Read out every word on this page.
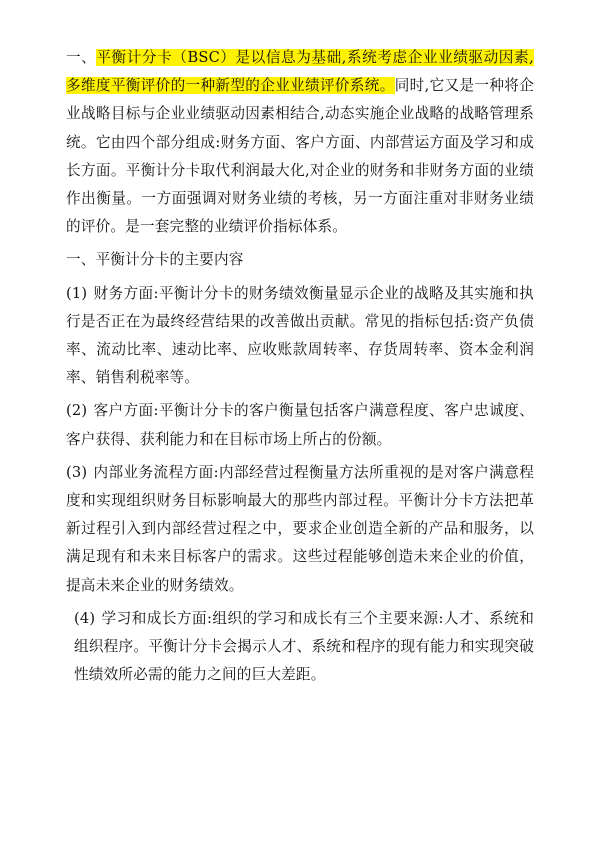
一、平衡计分卡（BSC）是以信息为基础,系统考虑企业业绩驱动因素,多维度平衡评价的一种新型的企业业绩评价系统。同时,它又是一种将企业战略目标与企业业绩驱动因素相结合,动态实施企业战略的战略管理系统。它由四个部分组成:财务方面、客户方面、内部营运方面及学习和成长方面。平衡计分卡取代利润最大化,对企业的财务和非财务方面的业绩作出衡量。一方面强调对财务业绩的考核，另一方面注重对非财务业绩的评价。是一套完整的业绩评价指标体系。

一、平衡计分卡的主要内容

(1) 财务方面:平衡计分卡的财务绩效衡量显示企业的战略及其实施和执行是否正在为最终经营结果的改善做出贡献。常见的指标包括:资产负债率、流动比率、速动比率、应收账款周转率、存货周转率、资本金利润率、销售利税率等。

(2) 客户方面:平衡计分卡的客户衡量包括客户满意程度、客户忠诚度、客户获得、获利能力和在目标市场上所占的份额。

(3) 内部业务流程方面:内部经营过程衡量方法所重视的是对客户满意程度和实现组织财务目标影响最大的那些内部过程。平衡计分卡方法把革新过程引入到内部经营过程之中，要求企业创造全新的产品和服务，以满足现有和未来目标客户的需求。这些过程能够创造未来企业的价值，提高未来企业的财务绩效。

(4) 学习和成长方面:组织的学习和成长有三个主要来源:人才、系统和组织程序。平衡计分卡会揭示人才、系统和程序的现有能力和实现突破性绩效所必需的能力之间的巨大差距。
